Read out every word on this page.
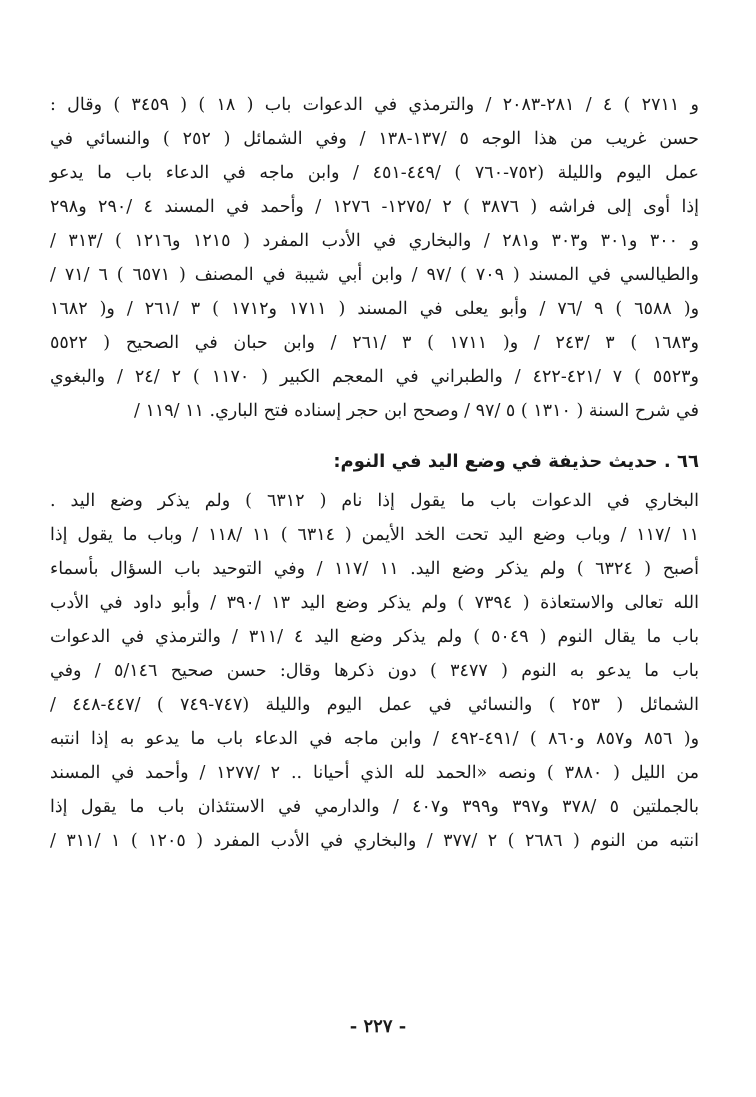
و ٢٧١١ ) ٤ / ٢٨١-٢٠٨٣ / والترمذي في الدعوات باب ( ١٨ ) ( ٣٤٥٩ ) وقال :
حسن غريب من هذا الوجه ٥ /١٣٧-١٣٨ / وفي الشمائل ( ٢٥٢ ) والنسائي في
عمل اليوم والليلة (٧٥٢-٧٦٠ ) /٤٤٩-٤٥١ / وابن ماجه في الدعاء باب ما يدعو
إذا أوى إلى فراشه ( ٣٨٧٦ ) ٢ /١٢٧٥- ١٢٧٦ / وأحمد في المسند ٤ /٢٩٠ و٢٩٨
و ٣٠٠ و٣٠١ و٣٠٣ و٢٨١ / والبخاري في الأدب المفرد ( ١٢١٥ و١٢١٦ ) /٣١٣ /
والطيالسي في المسند ( ٧٠٩ ) /٩٧ / وابن أبي شيبة في المصنف ( ٦٥٧١ ) ٦ /٧١ /
و( ٦٥٨٨ ) ٩ /٧٦ / وأبو يعلى في المسند ( ١٧١١ و١٧١٢ ) ٣ /٢٦١ / و( ١٦٨٢
و١٦٨٣ ) ٣ /٢٤٣ / و( ١٧١١ ) ٣ /٢٦١ / وابن حبان في الصحيح ( ٥٥٢٢
و٥٥٢٣ ) ٧ /٤٢١-٤٢٢ / والطبراني في المعجم الكبير ( ١١٧٠ ) ٢ /٢٤ / والبغوي
في شرح السنة ( ١٣١٠ ) ٥ /٩٧ / وصحح ابن حجر إسناده فتح الباري. ١١ /١١٩ /
٦٦ . حديث حذيفة في وضع اليد في النوم:
البخاري في الدعوات باب ما يقول إذا نام ( ٦٣١٢ ) ولم يذكر وضع اليد .
١١ /١١٧ / وباب وضع اليد تحت الخد الأيمن ( ٦٣١٤ ) ١١ /١١٨ / وباب ما يقول إذا
أصبح ( ٦٣٢٤ ) ولم يذكر وضع اليد. ١١ /١١٧ / وفي التوحيد باب السؤال بأسماء
الله تعالى والاستعاذة ( ٧٣٩٤ ) ولم يذكر وضع اليد ١٣ /٣٩٠ / وأبو داود في الأدب
باب ما يقال النوم ( ٥٠٤٩ ) ولم يذكر وضع اليد ٤ /٣١١ / والترمذي في الدعوات
باب ما يدعو به النوم ( ٣٤٧٧ ) دون ذكرها وقال: حسن صحيح ٥/١٤٦ / وفي
الشمائل ( ٢٥٣ ) والنسائي في عمل اليوم والليلة (٧٤٧-٧٤٩ ) /٤٤٧-٤٤٨ /
و( ٨٥٦ و٨٥٧ و٨٦٠ ) /٤٩١-٤٩٢ / وابن ماجه في الدعاء باب ما يدعو به إذا انتبه
من الليل ( ٣٨٨٠ ) ونصه «الحمد لله الذي أحيانا .. ٢ /١٢٧٧ / وأحمد في المسند
بالجملتين ٥ /٣٧٨ و٣٩٧ و٣٩٩ و٤٠٧ / والدارمي في الاستئذان باب ما يقول إذا
انتبه من النوم ( ٢٦٨٦ ) ٢ /٣٧٧ / والبخاري في الأدب المفرد ( ١٢٠٥ ) ١ /٣١١ /
- ٢٢٧ -
